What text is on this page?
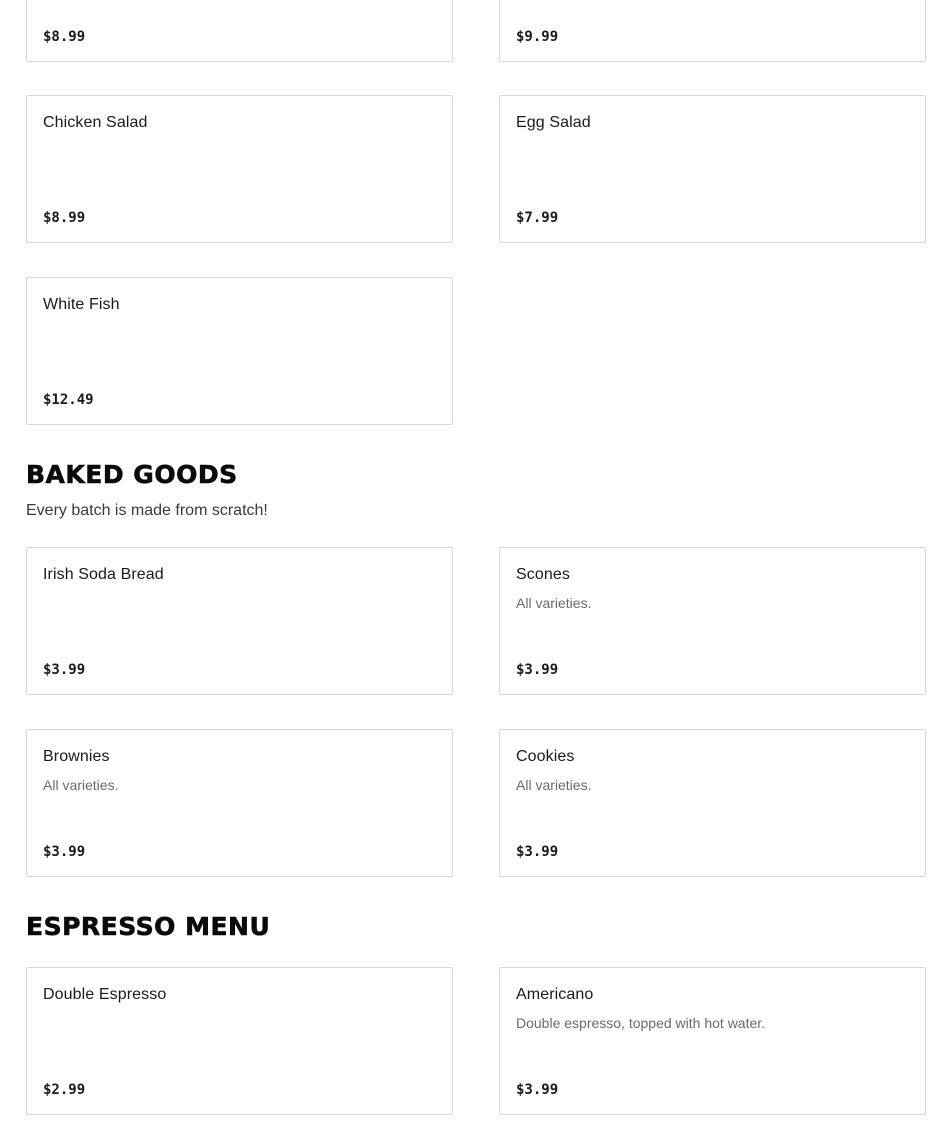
$8.99	$9.99
Chicken Salad
$8.99
Egg Salad
$7.99
White Fish
$12.49
BAKED GOODS
Every batch is made from scratch!
Irish Soda Bread
$3.99
Scones
All varieties.
$3.99
Brownies
All varieties.
$3.99
Cookies
All varieties.
$3.99
ESPRESSO MENU
Double Espresso
$2.99
Americano
Double espresso, topped with hot water.
$3.99
